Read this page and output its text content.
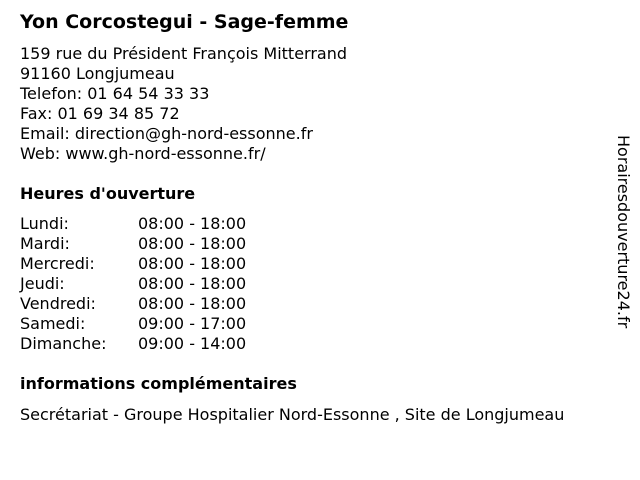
Yon Corcostegui - Sage-femme
159 rue du Président François Mitterrand
91160 Longjumeau
Telefon: 01 64 54 33 33
Fax: 01 69 34 85 72
Email: direction@gh-nord-essonne.fr
Web: www.gh-nord-essonne.fr/
Heures d'ouverture
Lundi:	08:00 - 18:00
Mardi:	08:00 - 18:00
Mercredi:	08:00 - 18:00
Jeudi:	08:00 - 18:00
Vendredi:	08:00 - 18:00
Samedi:	09:00 - 17:00
Dimanche:	09:00 - 14:00
informations complémentaires
Secrétariat - Groupe Hospitalier Nord-Essonne , Site de Longjumeau
Horairesdouverture24.fr
